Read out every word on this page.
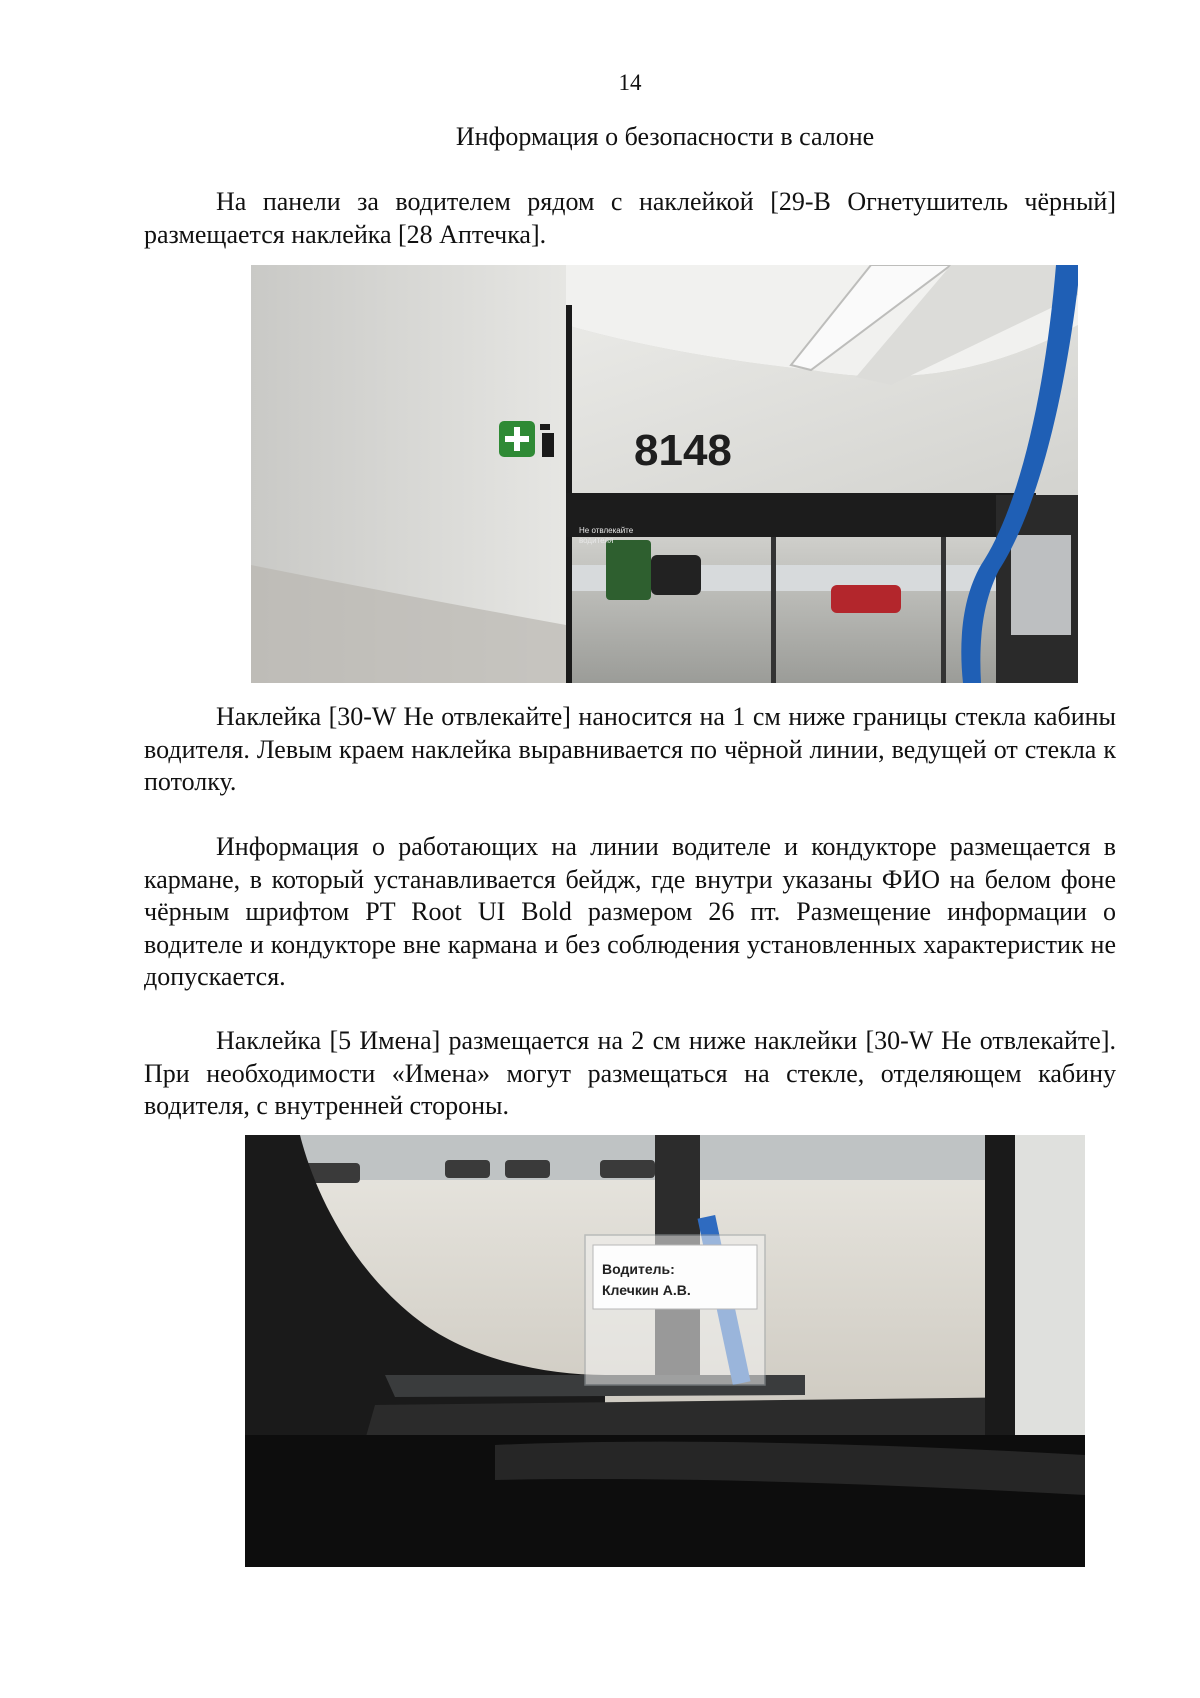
14
Информация о безопасности в салоне

На панели за водителем рядом с наклейкой [29-В Огнетушитель чёрный] размещается наклейка [28 Аптечка].

8148
Не отвлекайте
водителя

Наклейка [30-W Не отвлекайте] наносится на 1 см ниже границы стекла кабины водителя. Левым краем наклейка выравнивается по чёрной линии, ведущей от стекла к потолку.

Информация о работающих на линии водителе и кондукторе размещается в кармане, в который устанавливается бейдж, где внутри указаны ФИО на белом фоне чёрным шрифтом PT Root UI Bold размером 26 пт. Размещение информации о водителе и кондукторе вне кармана и без соблюдения установленных характеристик не допускается.

Наклейка [5 Имена] размещается на 2 см ниже наклейки [30-W Не отвлекайте]. При необходимости «Имена» могут размещаться на стекле, отделяющем кабину водителя, с внутренней стороны.

Водитель:
Клечкин А.В.
